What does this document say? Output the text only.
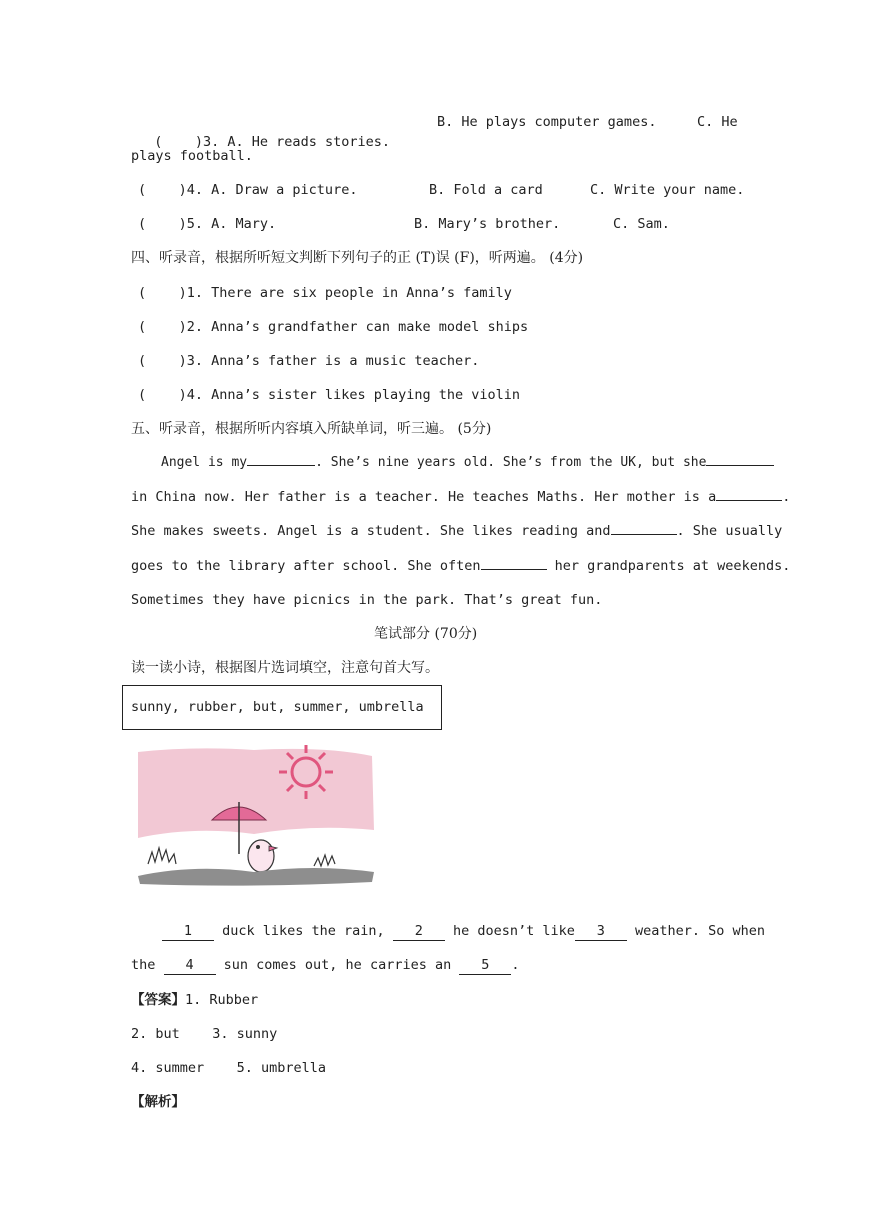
(    )3. A. He reads stories.

B. He plays computer games.	C. He
plays football.
(    )4. A. Draw a picture.	B. Fold a card	C. Write your name.
(    )5. A. Mary.	B. Mary’s brother.	C. Sam.
四、听录音，根据所听短文判断下列句子的正 (T)误 (F)，听两遍。 (4分)
(    )1. There are six people in Anna’s family
(    )2. Anna’s grandfather can make model ships
(    )3. Anna’s father is a music teacher.
(    )4. Anna’s sister likes playing the violin
五、听录音，根据所听内容填入所缺单词，听三遍。 (5分)
Angel is my	. She’s nine years old. She’s from the UK, but she
in China now. Her father is a teacher. He teaches Maths. Her mother is a	.
She makes sweets. Angel is a student. She likes reading and	. She usually
goes to the library after school. She often	her grandparents at weekends.
Sometimes they have picnics in the park. That’s great fun.
笔试部分 (70分)
读一读小诗，根据图片选词填空，注意句首大写。
sunny, rubber, but, summer, umbrella
1 duck likes the rain, 2 he doesn’t like 3 weather. So when
the 4 sun comes out, he carries an 5 .
【答案】1. Rubber
2. but    3. sunny
4. summer    5. umbrella
【解析】
